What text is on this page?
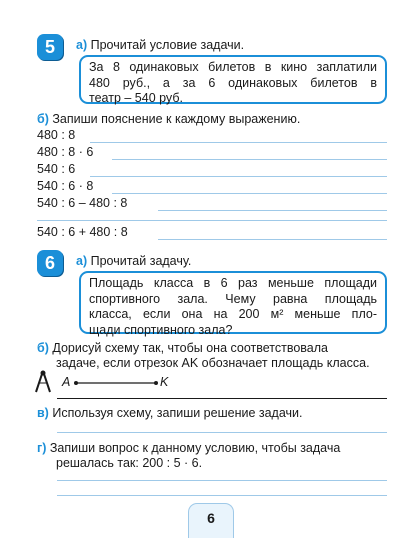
5	а) Прочитай условие задачи.
За 8 одинаковых билетов в кино заплатили
480 руб., а за 6 одинаковых билетов в
театр – 540 руб.
б) Запиши пояснение к каждому выражению.
480 : 8
480 : 8 · 6
540 : 6
540 : 6 · 8
540 : 6 – 480 : 8
540 : 6 + 480 : 8
6	а) Прочитай задачу.
Площадь класса в 6 раз меньше площади
спортивного зала. Чему равна площадь
класса, если она на 200 м² меньше пло-
щади спортивного зала?
б) Дорисуй схему так, чтобы она соответствовала
задаче, если отрезок AK обозначает площадь класса.
A	K
в) Используя схему, запиши решение задачи.
г) Запиши вопрос к данному условию, чтобы задача
решалась так: 200 : 5 · 6.
6
